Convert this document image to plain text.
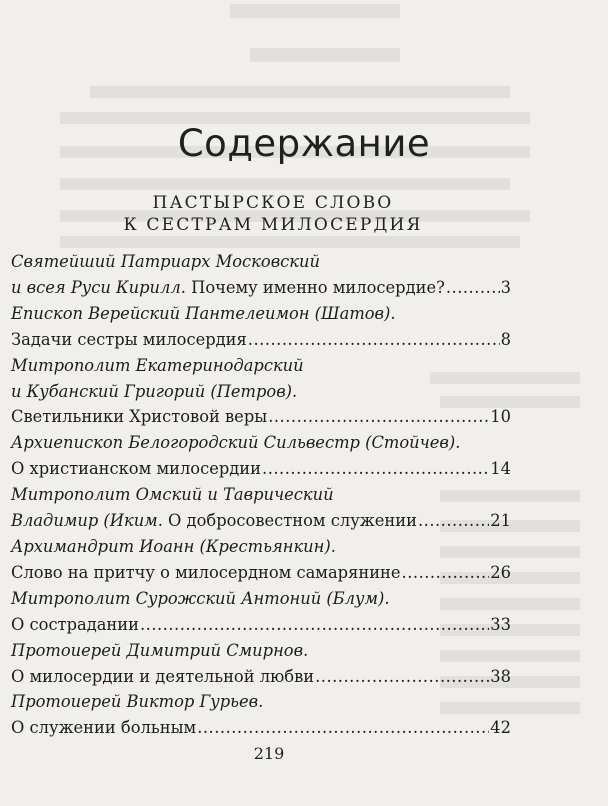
Содержание
ПАСТЫРСКОЕ СЛОВО
К СЕСТРАМ МИЛОСЕРДИЯ
Святейший Патриарх Московский
и всея Руси Кирилл. Почему именно милосердие? .....	3
Епископ Верейский Пантелеимон (Шатов).
Задачи сестры милосердия .....	8
Митрополит Екатеринодарский
и Кубанский Григорий (Петров).
Светильники Христовой веры .....	10
Архиепископ Белогородский Сильвестр (Стойчев).
О христианском милосердии .....	14
Митрополит Омский и Таврический
Владимир (Иким. О добросовестном служении .....	21
Архимандрит Иоанн (Крестьянкин).
Слово на притчу о милосердном самарянине .....	26
Митрополит Сурожский Антоний (Блум).
О сострадании .....	33
Протоиерей Димитрий Смирнов.
О милосердии и деятельной любви .....	38
Протоиерей Виктор Гурьев.
О служении больным .....	42
219
